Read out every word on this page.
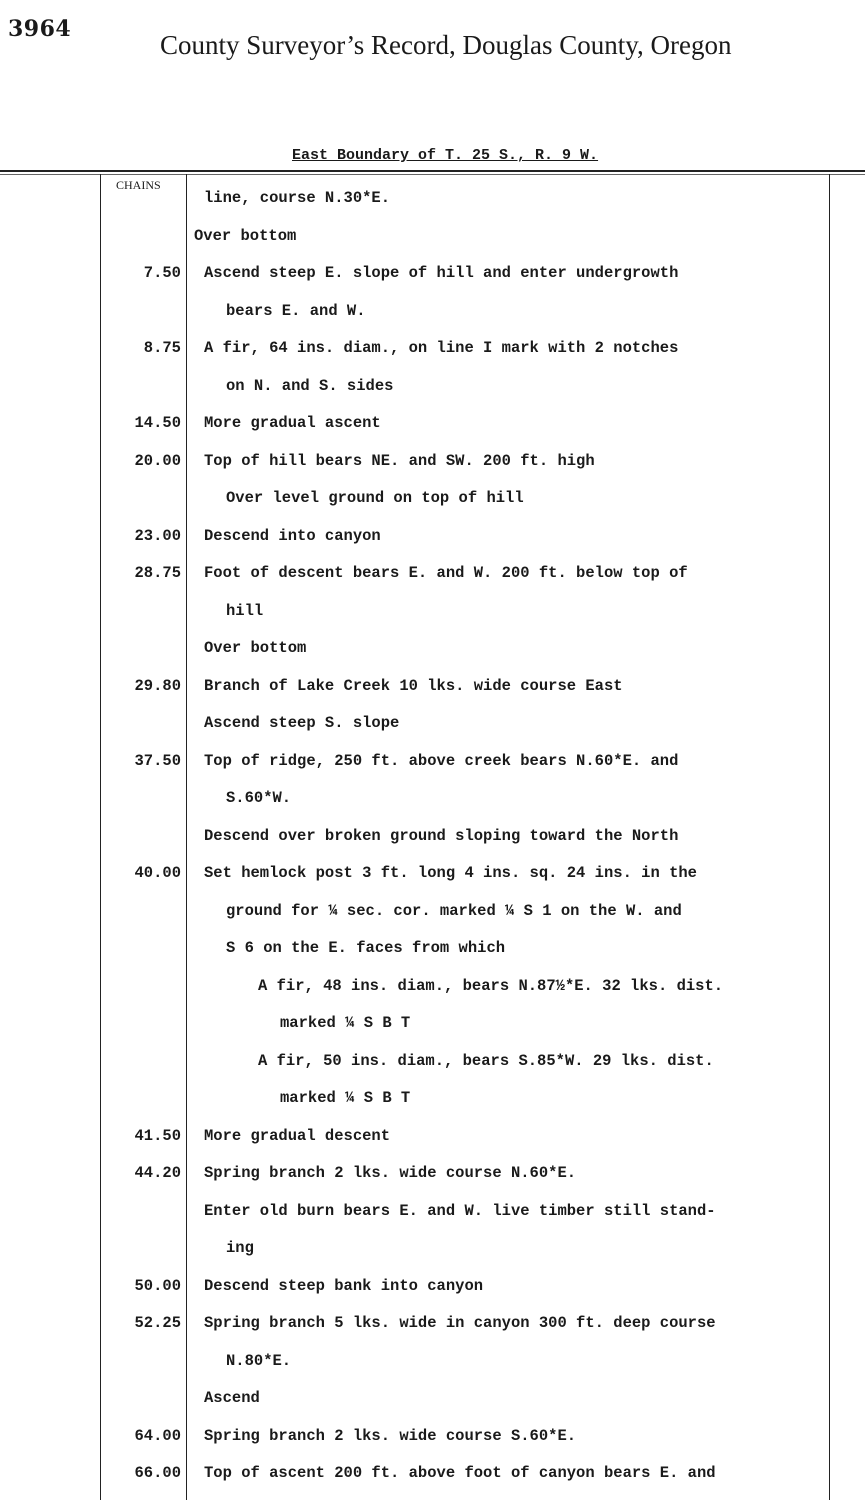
3964
County Surveyor’s Record, Douglas County, Oregon
East Boundary of T. 25 S., R. 9 W.
CHAINS
line, course N.30*E.
Over bottom
7.50 Ascend steep E. slope of hill and enter undergrowth
bears E. and W.
8.75 A fir, 64 ins. diam., on line I mark with 2 notches
on N. and S. sides
14.50 More gradual ascent
20.00 Top of hill bears NE. and SW. 200 ft. high
Over level ground on top of hill
23.00 Descend into canyon
28.75 Foot of descent bears E. and W. 200 ft. below top of
hill
Over bottom
29.80 Branch of Lake Creek 10 lks. wide course East
Ascend steep S. slope
37.50 Top of ridge, 250 ft. above creek bears N.60*E. and
S.60*W.
Descend over broken ground sloping toward the North
40.00 Set hemlock post 3 ft. long 4 ins. sq. 24 ins. in the
ground for ¼ sec. cor. marked ¼ S 1 on the W. and
S 6 on the E. faces from which
A fir, 48 ins. diam., bears N.87½*E. 32 lks. dist.
marked ¼ S B T
A fir, 50 ins. diam., bears S.85*W. 29 lks. dist.
marked ¼ S B T
41.50 More gradual descent
44.20 Spring branch 2 lks. wide course N.60*E.
Enter old burn bears E. and W. live timber still stand-
ing
50.00 Descend steep bank into canyon
52.25 Spring branch 5 lks. wide in canyon 300 ft. deep course
N.80*E.
Ascend
64.00 Spring branch 2 lks. wide course S.60*E.
66.00 Top of ascent 200 ft. above foot of canyon bears E. and
